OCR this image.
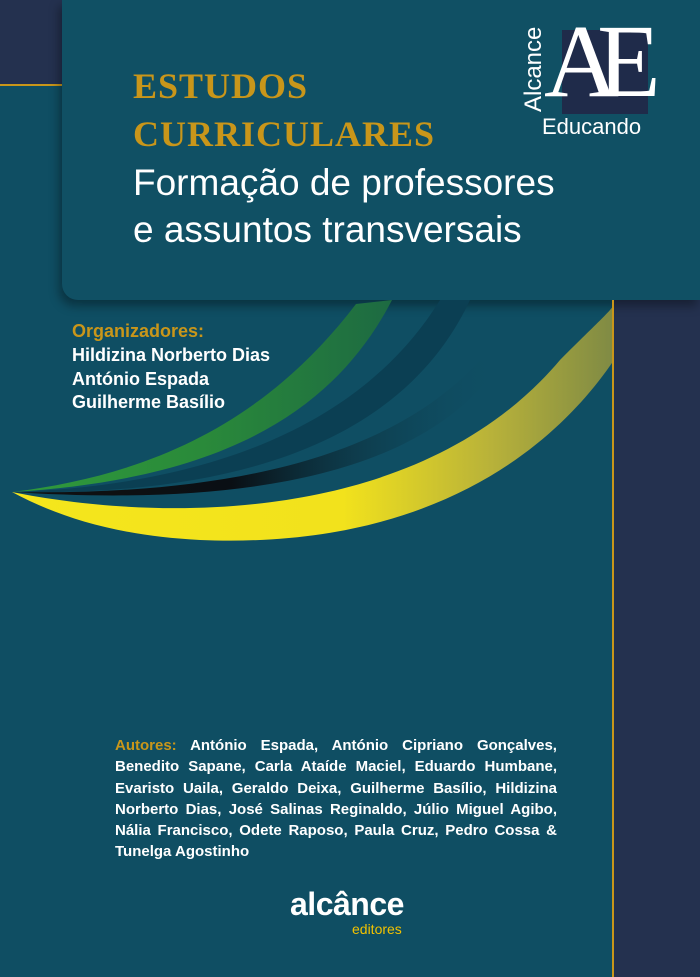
ESTUDOS
CURRICULARES
Formação de professores
e assuntos transversais
AE
Alcance
Educando
Organizadores:
Hildizina Norberto Dias
António Espada
Guilherme Basílio
Autores: António Espada, António Cipriano Gonçalves, Benedito Sapane, Carla Ataíde Maciel, Eduardo Humbane, Evaristo Uaila, Geraldo Deixa, Guilherme Basílio, Hildizina Norberto Dias, José Salinas Reginaldo, Júlio Miguel Agibo, Nália Francisco, Odete Raposo, Paula Cruz, Pedro Cossa & Tunelga Agostinho
alcânce
editores
